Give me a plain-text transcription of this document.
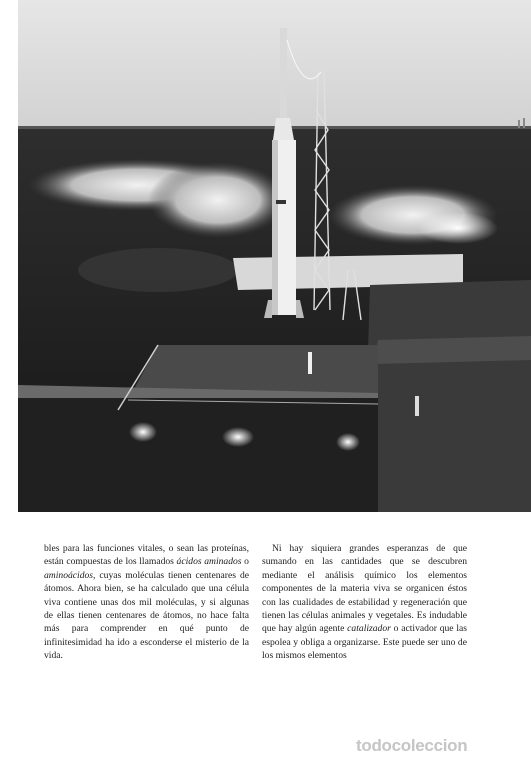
bles para las funciones vitales, o sean las proteínas, están compuestas de los llamados ácidos aminados o aminoácidos, cuyas moléculas tienen centenares de átomos. Ahora bien, se ha calculado que una célula viva contiene unas dos mil moléculas, y si algunas de ellas tienen centenares de átomos, no hace falta más para comprender en qué punto de infinitesimidad ha ido a esconderse el misterio de la vida.

Ni hay siquiera grandes esperanzas de que sumando en las cantidades que se descubren mediante el análisis químico los elementos componentes de la materia viva se organicen éstos con las cualidades de estabilidad y regeneración que tienen las células animales y vegetales. Es indudable que hay algún agente catalizador o activador que las espolea y obliga a organizarse. Este puede ser uno de los mismos elementos

todocoleccion
